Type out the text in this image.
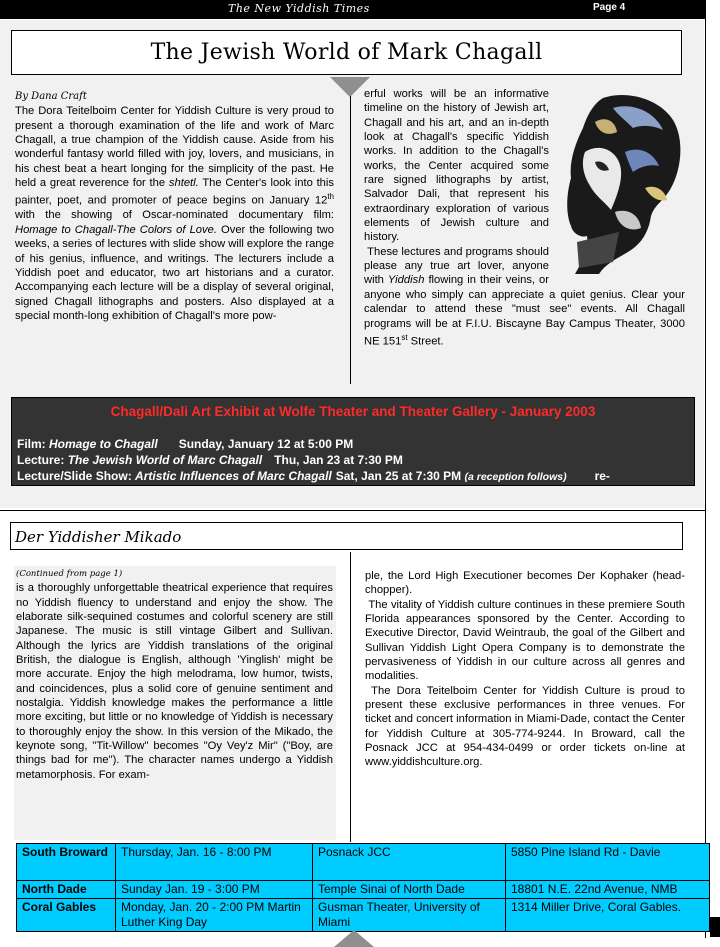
The New Yiddish Times	Page 4
The Jewish World of Mark Chagall
By Dana Craft

The Dora Teitelboim Center for Yiddish Culture is very proud to present a thorough examination of the life and work of Marc Chagall, a true champion of the Yiddish cause. Aside from his wonderful fantasy world filled with joy, lovers, and musicians, in his chest beat a heart longing for the simplicity of the past. He held a great reverence for the shtetl. The Center's look into this painter, poet, and promoter of peace begins on January 12th with the showing of Oscar-nominated documentary film: Homage to Chagall-The Colors of Love. Over the following two weeks, a series of lectures with slide show will explore the range of his genius, influence, and writings. The lecturers include a Yiddish poet and educator, two art historians and a curator. Accompanying each lecture will be a display of several original, signed Chagall lithographs and posters. Also displayed at a special month-long exhibition of Chagall's more pow-

erful works will be an informative timeline on the history of Jewish art, Chagall and his art, and an in-depth look at Chagall's specific Yiddish works. In addition to the Chagall's works, the Center acquired some rare signed lithographs by artist, Salvador Dali, that represent his extraordinary exploration of various elements of Jewish culture and history.

These lectures and programs should please any true art lover, anyone with Yiddish flowing in their veins, or anyone who simply can appreciate a quiet genius. Clear your calendar to attend these "must see" events. All Chagall programs will be at F.I.U. Biscayne Bay Campus Theater, 3000 NE 151st Street.

Chagall/Dali Art Exhibit at Wolfe Theater and Theater Gallery - January 2003
Film: Homage to Chagall Sunday, January 12 at 5:00 PM
Lecture: The Jewish World of Marc Chagall Thu, Jan 23 at 7:30 PM
Lecture/Slide Show: Artistic Influences of Marc Chagall Sat, Jan 25 at 7:30 PM (a reception follows) re-
Der Yiddisher Mikado
(Continued from page 1)

is a thoroughly unforgettable theatrical experience that requires no Yiddish fluency to understand and enjoy the show. The elaborate silk-sequined costumes and colorful scenery are still Japanese. The music is still vintage Gilbert and Sullivan. Although the lyrics are Yiddish translations of the original British, the dialogue is English, although 'Yinglish' might be more accurate. Enjoy the high melodrama, low humor, twists, and coincidences, plus a solid core of genuine sentiment and nostalgia. Yiddish knowledge makes the performance a little more exciting, but little or no knowledge of Yiddish is necessary to thoroughly enjoy the show. In this version of the Mikado, the keynote song, "Tit-Willow" becomes "Oy Vey'z Mir" ("Boy, are things bad for me"). The character names undergo a Yiddish metamorphosis. For exam-

ple, the Lord High Executioner becomes Der Kophaker (head-chopper).

The vitality of Yiddish culture continues in these premiere South Florida appearances sponsored by the Center. According to Executive Director, David Weintraub, the goal of the Gilbert and Sullivan Yiddish Light Opera Company is to demonstrate the pervasiveness of Yiddish in our culture across all genres and modalities.

The Dora Teitelboim Center for Yiddish Culture is proud to present these exclusive performances in three venues. For ticket and concert information in Miami-Dade, contact the Center for Yiddish Culture at 305-774-9244. In Broward, call the Posnack JCC at 954-434-0499 or order tickets on-line at www.yiddishculture.org.

South Broward	Thursday, Jan. 16 - 8:00 PM	Posnack JCC	5850 Pine Island Rd - Davie
North Dade	Sunday Jan. 19 - 3:00 PM	Temple Sinai of North Dade	18801 N.E. 22nd Avenue, NMB
Coral Gables	Monday, Jan. 20 - 2:00 PM Martin Luther King Day	Gusman Theater, University of Miami	1314 Miller Drive, Coral Gables.
